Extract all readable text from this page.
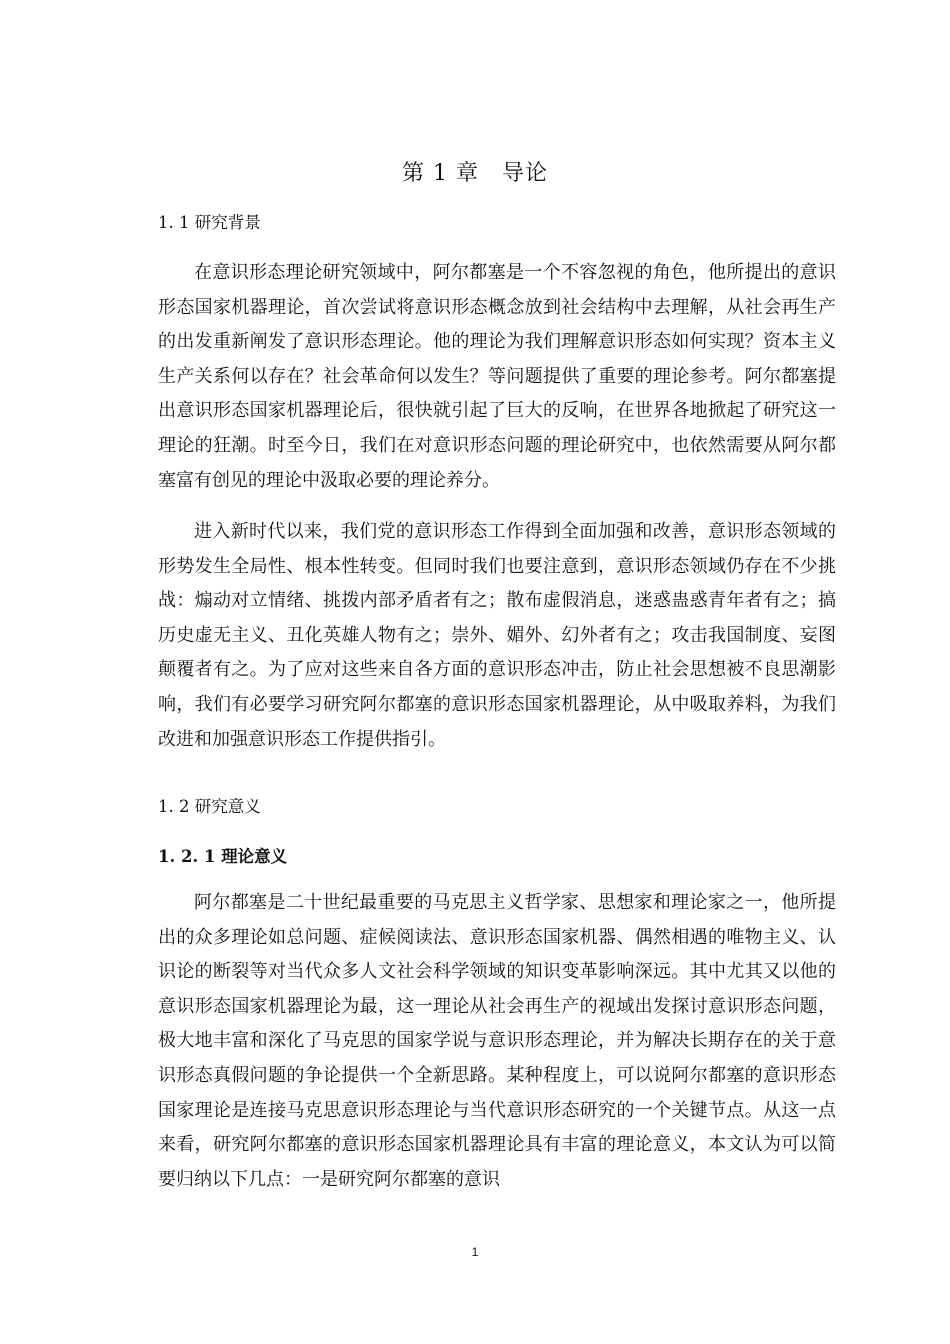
第 1 章　导论
1. 1 研究背景

在意识形态理论研究领域中，阿尔都塞是一个不容忽视的角色，他所提出的意识形态国家机器理论，首次尝试将意识形态概念放到社会结构中去理解，从社会再生产的出发重新阐发了意识形态理论。他的理论为我们理解意识形态如何实现？资本主义生产关系何以存在？社会革命何以发生？等问题提供了重要的理论参考。阿尔都塞提出意识形态国家机器理论后，很快就引起了巨大的反响，在世界各地掀起了研究这一理论的狂潮。时至今日，我们在对意识形态问题的理论研究中，也依然需要从阿尔都塞富有创见的理论中汲取必要的理论养分。

进入新时代以来，我们党的意识形态工作得到全面加强和改善，意识形态领域的形势发生全局性、根本性转变。但同时我们也要注意到，意识形态领域仍存在不少挑战：煽动对立情绪、挑拨内部矛盾者有之；散布虚假消息，迷惑蛊惑青年者有之；搞历史虚无主义、丑化英雄人物有之；崇外、媚外、幻外者有之；攻击我国制度、妄图颠覆者有之。为了应对这些来自各方面的意识形态冲击，防止社会思想被不良思潮影响，我们有必要学习研究阿尔都塞的意识形态国家机器理论，从中吸取养料，为我们改进和加强意识形态工作提供指引。

1. 2 研究意义
1. 2. 1 理论意义

阿尔都塞是二十世纪最重要的马克思主义哲学家、思想家和理论家之一，他所提出的众多理论如总问题、症候阅读法、意识形态国家机器、偶然相遇的唯物主义、认识论的断裂等对当代众多人文社会科学领域的知识变革影响深远。其中尤其又以他的意识形态国家机器理论为最，这一理论从社会再生产的视域出发探讨意识形态问题，极大地丰富和深化了马克思的国家学说与意识形态理论，并为解决长期存在的关于意识形态真假问题的争论提供一个全新思路。某种程度上，可以说阿尔都塞的意识形态国家理论是连接马克思意识形态理论与当代意识形态研究的一个关键节点。从这一点来看，研究阿尔都塞的意识形态国家机器理论具有丰富的理论意义，本文认为可以简要归纳以下几点：一是研究阿尔都塞的意识

1
